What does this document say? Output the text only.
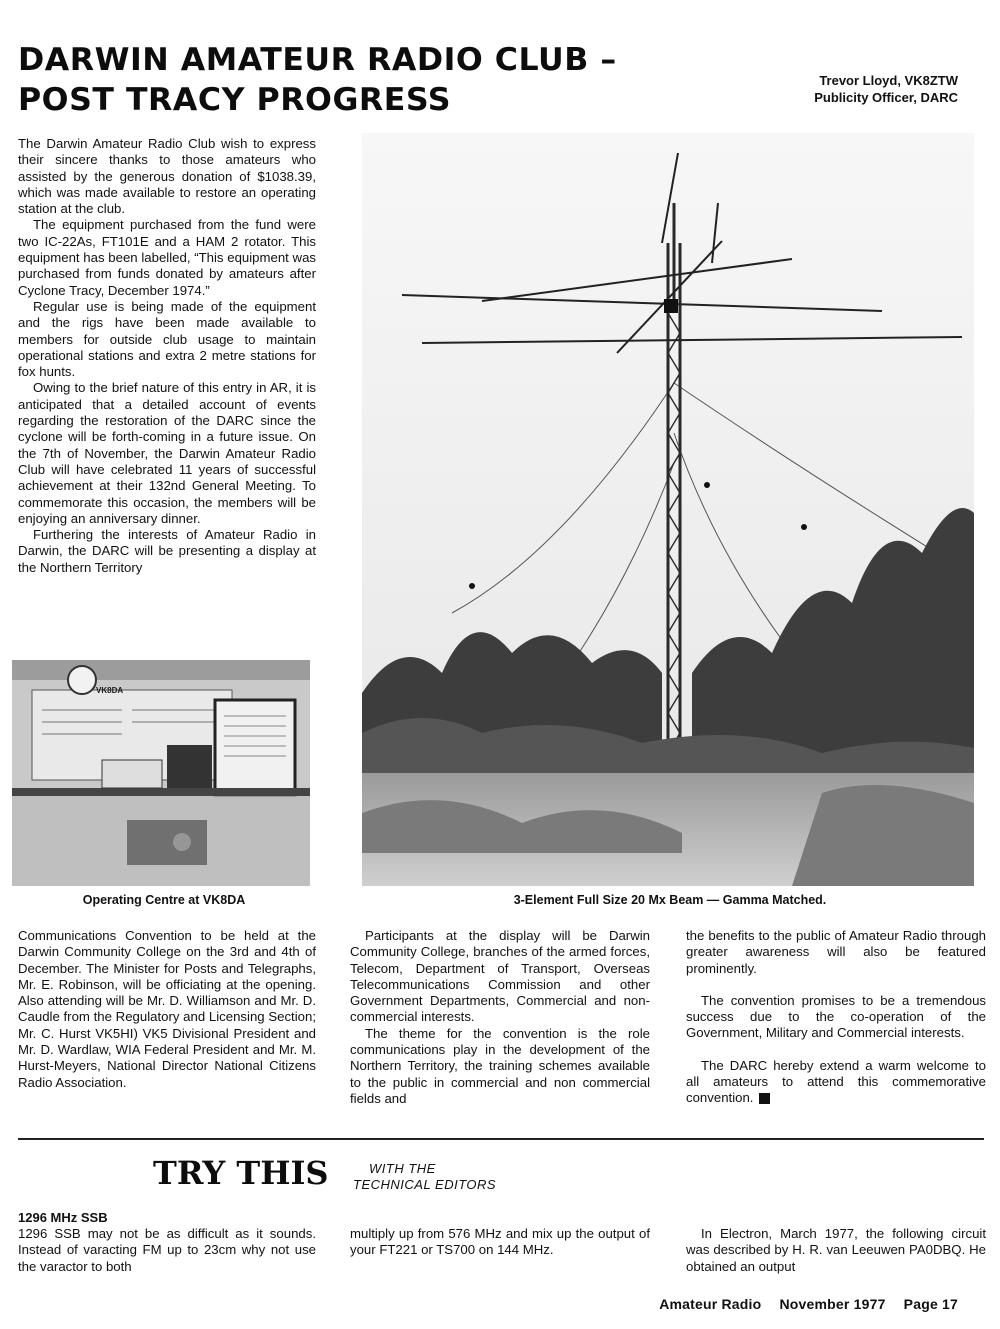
DARWIN AMATEUR RADIO CLUB –
POST TRACY PROGRESS
Trevor Lloyd, VK8ZTW
Publicity Officer, DARC

The Darwin Amateur Radio Club wish to express their sincere thanks to those amateurs who assisted by the generous donation of $1038.39, which was made available to restore an operating station at the club.

The equipment purchased from the fund were two IC-22As, FT101E and a HAM 2 rotator. This equipment has been labelled, “This equipment was purchased from funds donated by amateurs after Cyclone Tracy, December 1974.”

Regular use is being made of the equipment and the rigs have been made available to members for outside club usage to maintain operational stations and extra 2 metre stations for fox hunts.

Owing to the brief nature of this entry in AR, it is anticipated that a detailed account of events regarding the restoration of the DARC since the cyclone will be forth-coming in a future issue. On the 7th of November, the Darwin Amateur Radio Club will have celebrated 11 years of successful achievement at their 132nd General Meeting. To commemorate this occasion, the members will be enjoying an anniversary dinner.

Furthering the interests of Amateur Radio in Darwin, the DARC will be presenting a display at the Northern Territory

VK8DA
Operating Centre at VK8DA	3-Element Full Size 20 Mx Beam — Gamma Matched.

Communications Convention to be held at the Darwin Community College on the 3rd and 4th of December. The Minister for Posts and Telegraphs, Mr. E. Robinson, will be officiating at the opening. Also attending will be Mr. D. Williamson and Mr. D. Caudle from the Regulatory and Licensing Section; Mr. C. Hurst VK5HI) VK5 Divisional President and Mr. D. Wardlaw, WIA Federal President and Mr. M. Hurst-Meyers, National Director National Citizens Radio Association.

Participants at the display will be Darwin Community College, branches of the armed forces, Telecom, Department of Transport, Overseas Telecommunications Commission and other Government Departments, Commercial and non-commercial interests.

The theme for the convention is the role communications play in the development of the Northern Territory, the training schemes available to the public in commercial and non commercial fields and

the benefits to the public of Amateur Radio through greater awareness will also be featured prominently.

The convention promises to be a tremendous success due to the co-operation of the Government, Military and Commercial interests.

The DARC hereby extend a warm welcome to all amateurs to attend this commemorative convention.

TRY THIS	WITH THE
TECHNICAL EDITORS
1296 MHz SSB

1296 SSB may not be as difficult as it sounds. Instead of varacting FM up to 23cm why not use the varactor to both

multiply up from 576 MHz and mix up the output of your FT221 or TS700 on 144 MHz.

In Electron, March 1977, the following circuit was described by H. R. van Leeuwen PA0DBQ. He obtained an output

Amateur Radio November 1977 Page 17
